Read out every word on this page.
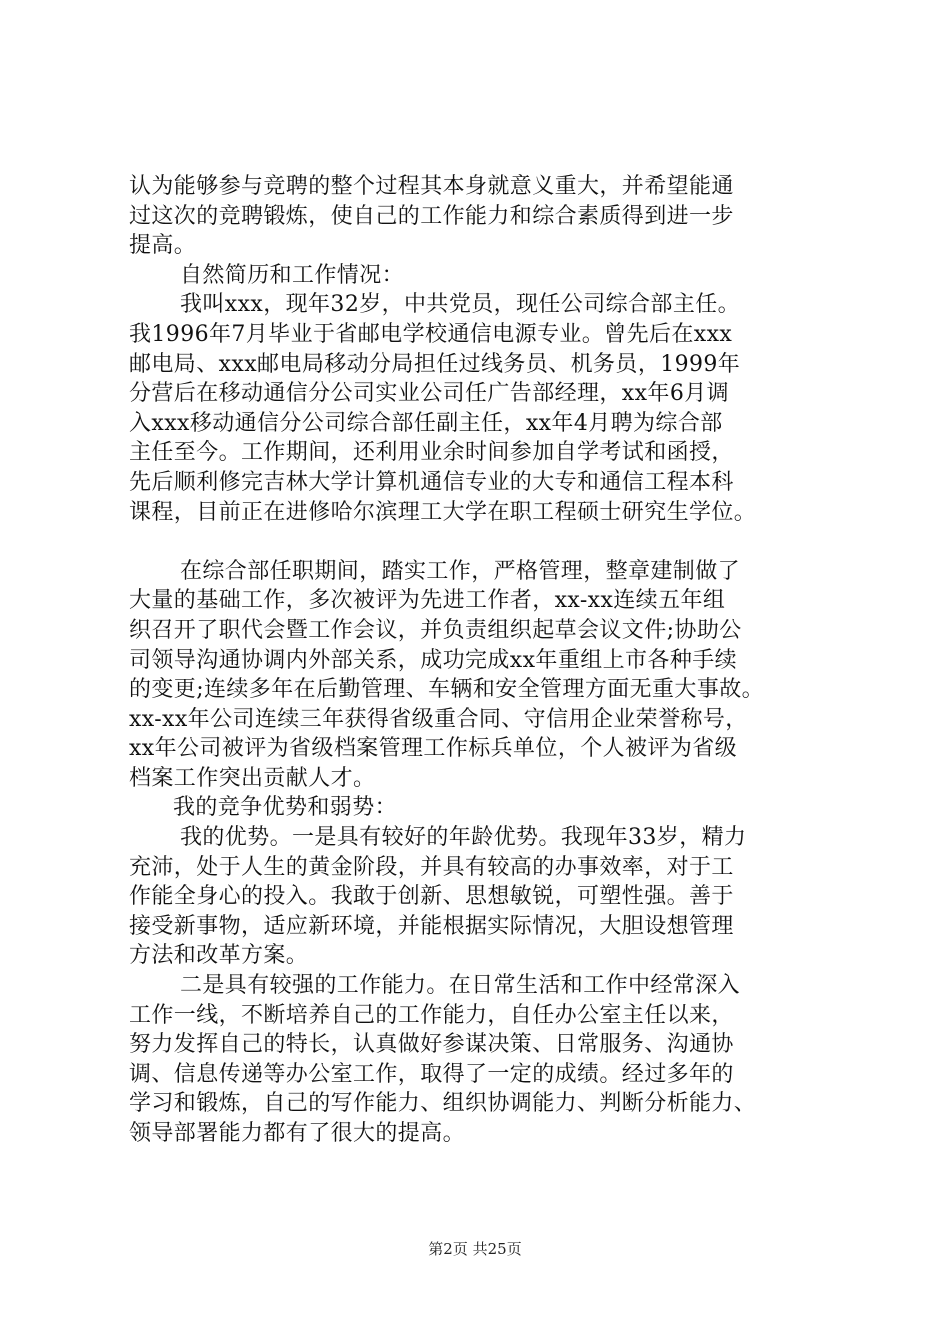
认为能够参与竞聘的整个过程其本身就意义重大，并希望能通
过这次的竞聘锻炼，使自己的工作能力和综合素质得到进一步
提高。
自然简历和工作情况：
我叫xxx，现年32岁，中共党员，现任公司综合部主任。
我1996年7月毕业于省邮电学校通信电源专业。曾先后在xxx
邮电局、xxx邮电局移动分局担任过线务员、机务员，1999年
分营后在移动通信分公司实业公司任广告部经理，xx年6月调
入xxx移动通信分公司综合部任副主任，xx年4月聘为综合部
主任至今。工作期间，还利用业余时间参加自学考试和函授，
先后顺利修完吉林大学计算机通信专业的大专和通信工程本科
课程，目前正在进修哈尔滨理工大学在职工程硕士研究生学位。
在综合部任职期间，踏实工作，严格管理，整章建制做了
大量的基础工作，多次被评为先进工作者，xx-xx连续五年组
织召开了职代会暨工作会议，并负责组织起草会议文件;协助公
司领导沟通协调内外部关系，成功完成xx年重组上市各种手续
的变更;连续多年在后勤管理、车辆和安全管理方面无重大事故。
xx-xx年公司连续三年获得省级重合同、守信用企业荣誉称号，
xx年公司被评为省级档案管理工作标兵单位，个人被评为省级
档案工作突出贡献人才。
我的竞争优势和弱势：
我的优势。一是具有较好的年龄优势。我现年33岁，精力
充沛，处于人生的黄金阶段，并具有较高的办事效率，对于工
作能全身心的投入。我敢于创新、思想敏锐，可塑性强。善于
接受新事物，适应新环境，并能根据实际情况，大胆设想管理
方法和改革方案。
二是具有较强的工作能力。在日常生活和工作中经常深入
工作一线，不断培养自己的工作能力，自任办公室主任以来，
努力发挥自己的特长，认真做好参谋决策、日常服务、沟通协
调、信息传递等办公室工作，取得了一定的成绩。经过多年的
学习和锻炼，自己的写作能力、组织协调能力、判断分析能力、
领导部署能力都有了很大的提高。
第2页 共25页
